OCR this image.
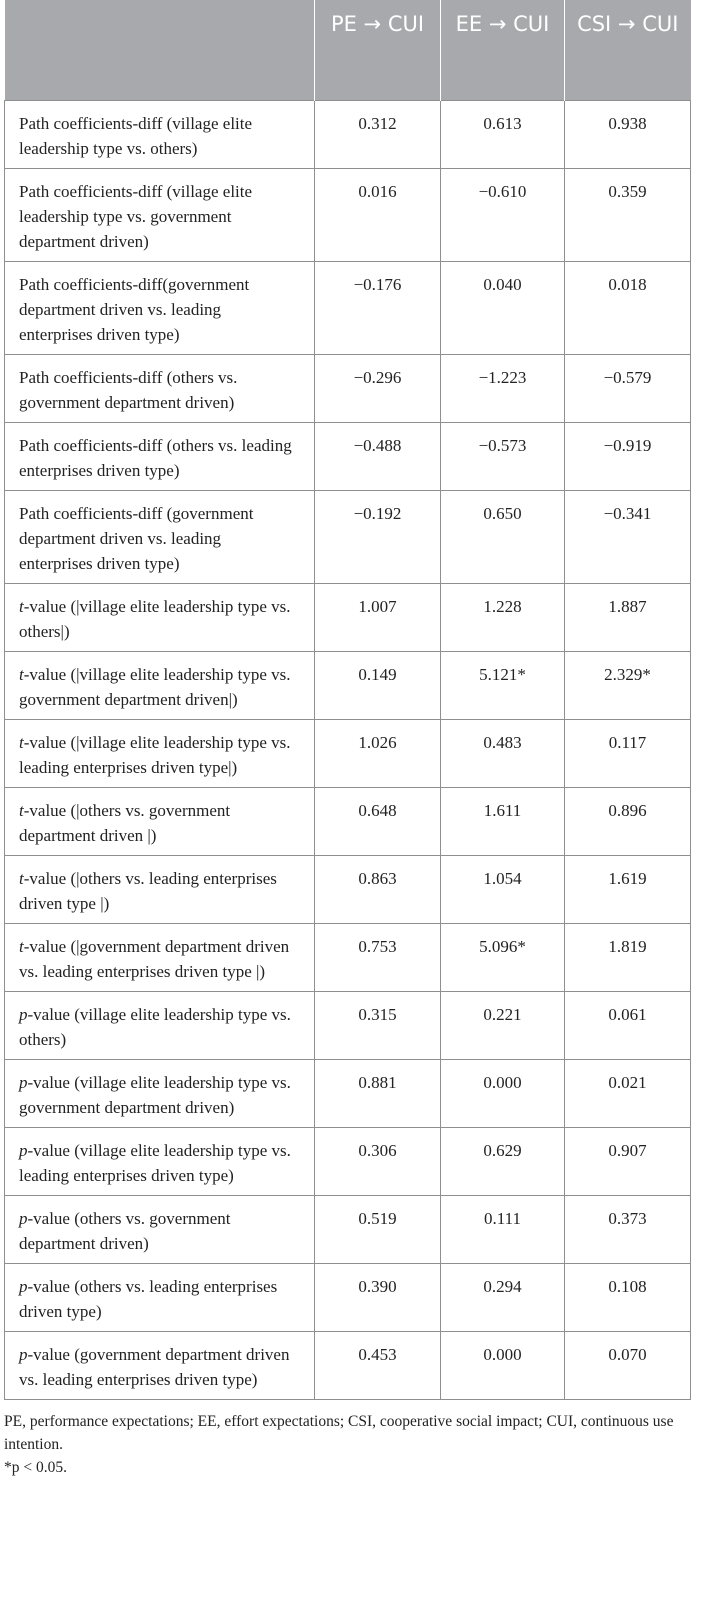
	PE → CUI	EE → CUI	CSI → CUI
Path coefficients-diff (village elite leadership type vs. others)	0.312	0.613	0.938
Path coefficients-diff (village elite leadership type vs. government department driven)	0.016	−0.610	0.359
Path coefficients-diff(government department driven vs. leading enterprises driven type)	−0.176	0.040	0.018
Path coefficients-diff (others vs. government department driven)	−0.296	−1.223	−0.579
Path coefficients-diff (others vs. leading enterprises driven type)	−0.488	−0.573	−0.919
Path coefficients-diff (government department driven vs. leading enterprises driven type)	−0.192	0.650	−0.341
t-value (|village elite leadership type vs. others|)	1.007	1.228	1.887
t-value (|village elite leadership type vs. government department driven|)	0.149	5.121*	2.329*
t-value (|village elite leadership type vs. leading enterprises driven type|)	1.026	0.483	0.117
t-value (|others vs. government department driven |)	0.648	1.611	0.896
t-value (|others vs. leading enterprises driven type |)	0.863	1.054	1.619
t-value (|government department driven vs. leading enterprises driven type |)	0.753	5.096*	1.819
p-value (village elite leadership type vs. others)	0.315	0.221	0.061
p-value (village elite leadership type vs. government department driven)	0.881	0.000	0.021
p-value (village elite leadership type vs. leading enterprises driven type)	0.306	0.629	0.907
p-value (others vs. government department driven)	0.519	0.111	0.373
p-value (others vs. leading enterprises driven type)	0.390	0.294	0.108
p-value (government department driven vs. leading enterprises driven type)	0.453	0.000	0.070
PE, performance expectations; EE, effort expectations; CSI, cooperative social impact; CUI, continuous use intention.
*p < 0.05.
